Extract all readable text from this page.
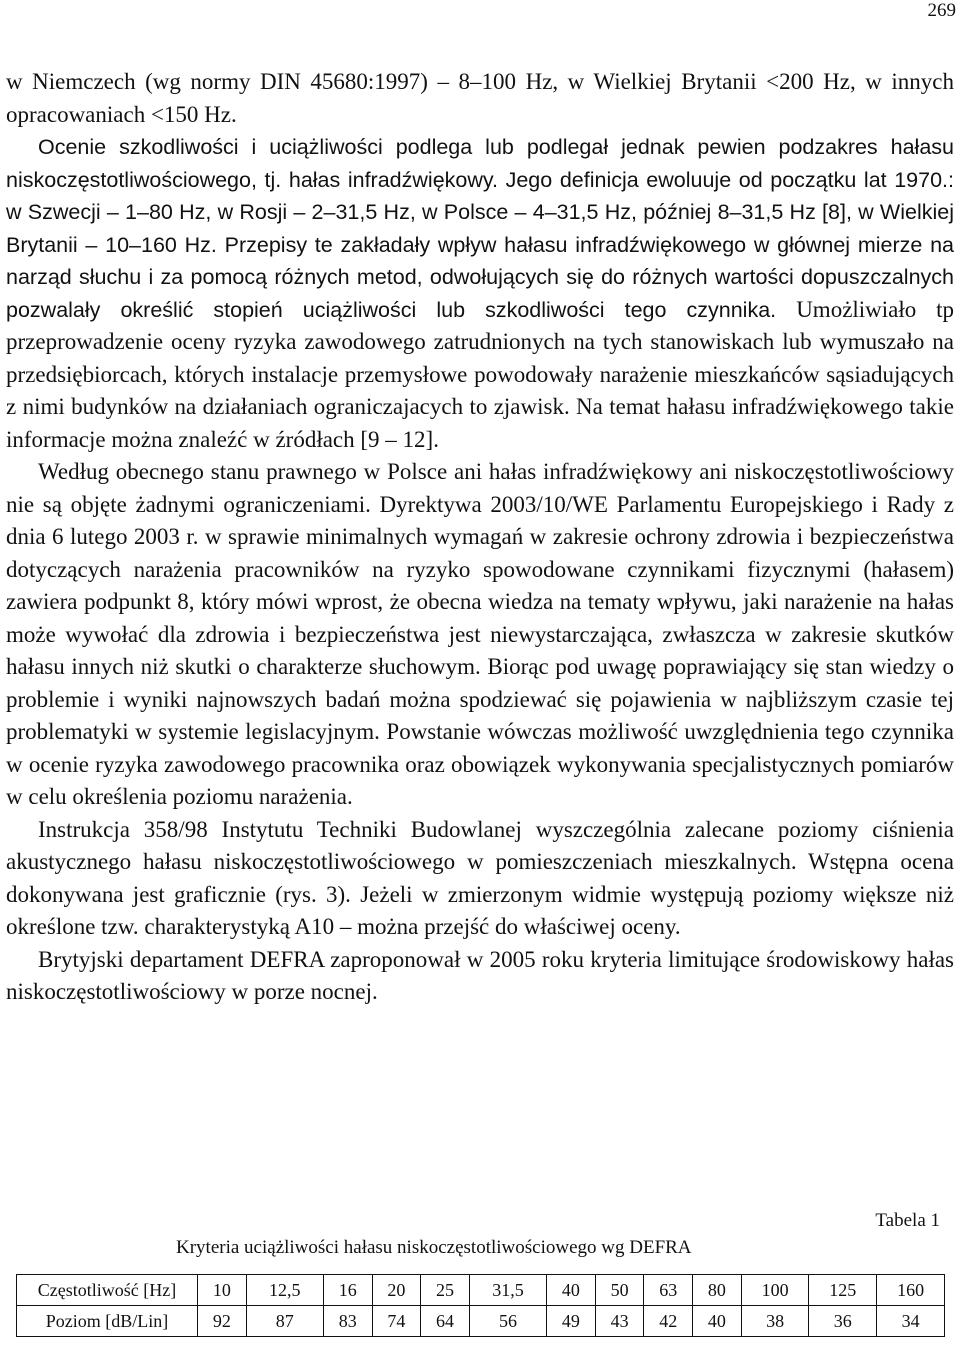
269

w Niemczech (wg normy DIN 45680:1997) – 8–100 Hz, w Wielkiej Brytanii <200 Hz, w innych opracowaniach <150 Hz.

Ocenie szkodliwości i uciążliwości podlega lub podlegał jednak pewien podzakres hałasu niskoczęstotliwościowego, tj. hałas infradźwiękowy. Jego definicja ewoluuje od początku lat 1970.: w Szwecji – 1–80 Hz, w Rosji – 2–31,5 Hz, w Polsce – 4–31,5 Hz, później 8–31,5 Hz [8], w Wielkiej Brytanii – 10–160 Hz. Przepisy te zakładały wpływ hałasu infradźwiękowego w głównej mierze na narząd słuchu i za pomocą różnych metod, odwołujących się do różnych wartości dopuszczalnych pozwalały określić stopień uciążliwości lub szkodliwości tego czynnika. Umożliwiało tp przeprowadzenie oceny ryzyka zawodowego zatrudnionych na tych stanowiskach lub wymuszało na przedsiębiorcach, których instalacje przemysłowe powodowały narażenie mieszkańców sąsiadujących z nimi budynków na działaniach ograniczajacych to zjawisk. Na temat hałasu infradźwiękowego takie informacje można znaleźć w źródłach [9 – 12].

Według obecnego stanu prawnego w Polsce ani hałas infradźwiękowy ani niskoczęstotliwościowy nie są objęte żadnymi ograniczeniami. Dyrektywa 2003/10/WE Parlamentu Europejskiego i Rady z dnia 6 lutego 2003 r. w sprawie minimalnych wymagań w zakresie ochrony zdrowia i bezpieczeństwa dotyczących narażenia pracowników na ryzyko spowodowane czynnikami fizycznymi (hałasem) zawiera podpunkt 8, który mówi wprost, że obecna wiedza na tematy wpływu, jaki narażenie na hałas może wywołać dla zdrowia i bezpieczeństwa jest niewystarczająca, zwłaszcza w zakresie skutków hałasu innych niż skutki o charakterze słuchowym. Biorąc pod uwagę poprawiający się stan wiedzy o problemie i wyniki najnowszych badań można spodziewać się pojawienia w najbliższym czasie tej problematyki w systemie legislacyjnym. Powstanie wówczas możliwość uwzględnienia tego czynnika w ocenie ryzyka zawodowego pracownika oraz obowiązek wykonywania specjalistycznych pomiarów w celu określenia poziomu narażenia.

Instrukcja 358/98 Instytutu Techniki Budowlanej wyszczególnia zalecane poziomy ciśnienia akustycznego hałasu niskoczęstotliwościowego w pomieszczeniach mieszkalnych. Wstępna ocena dokonywana jest graficznie (rys. 3). Jeżeli w zmierzonym widmie występują poziomy większe niż określone tzw. charakterystyką A10 – można przejść do właściwej oceny.

Brytyjski departament DEFRA zaproponował w 2005 roku kryteria limitujące środowiskowy hałas niskoczęstotliwościowy w porze nocnej.

Tabela 1
Kryteria uciążliwości hałasu niskoczęstotliwościowego wg DEFRA
Częstotliwość [Hz]	10	12,5	16	20	25	31,5	40	50	63	80	100	125	160
Poziom [dB/Lin]	92	87	83	74	64	56	49	43	42	40	38	36	34
